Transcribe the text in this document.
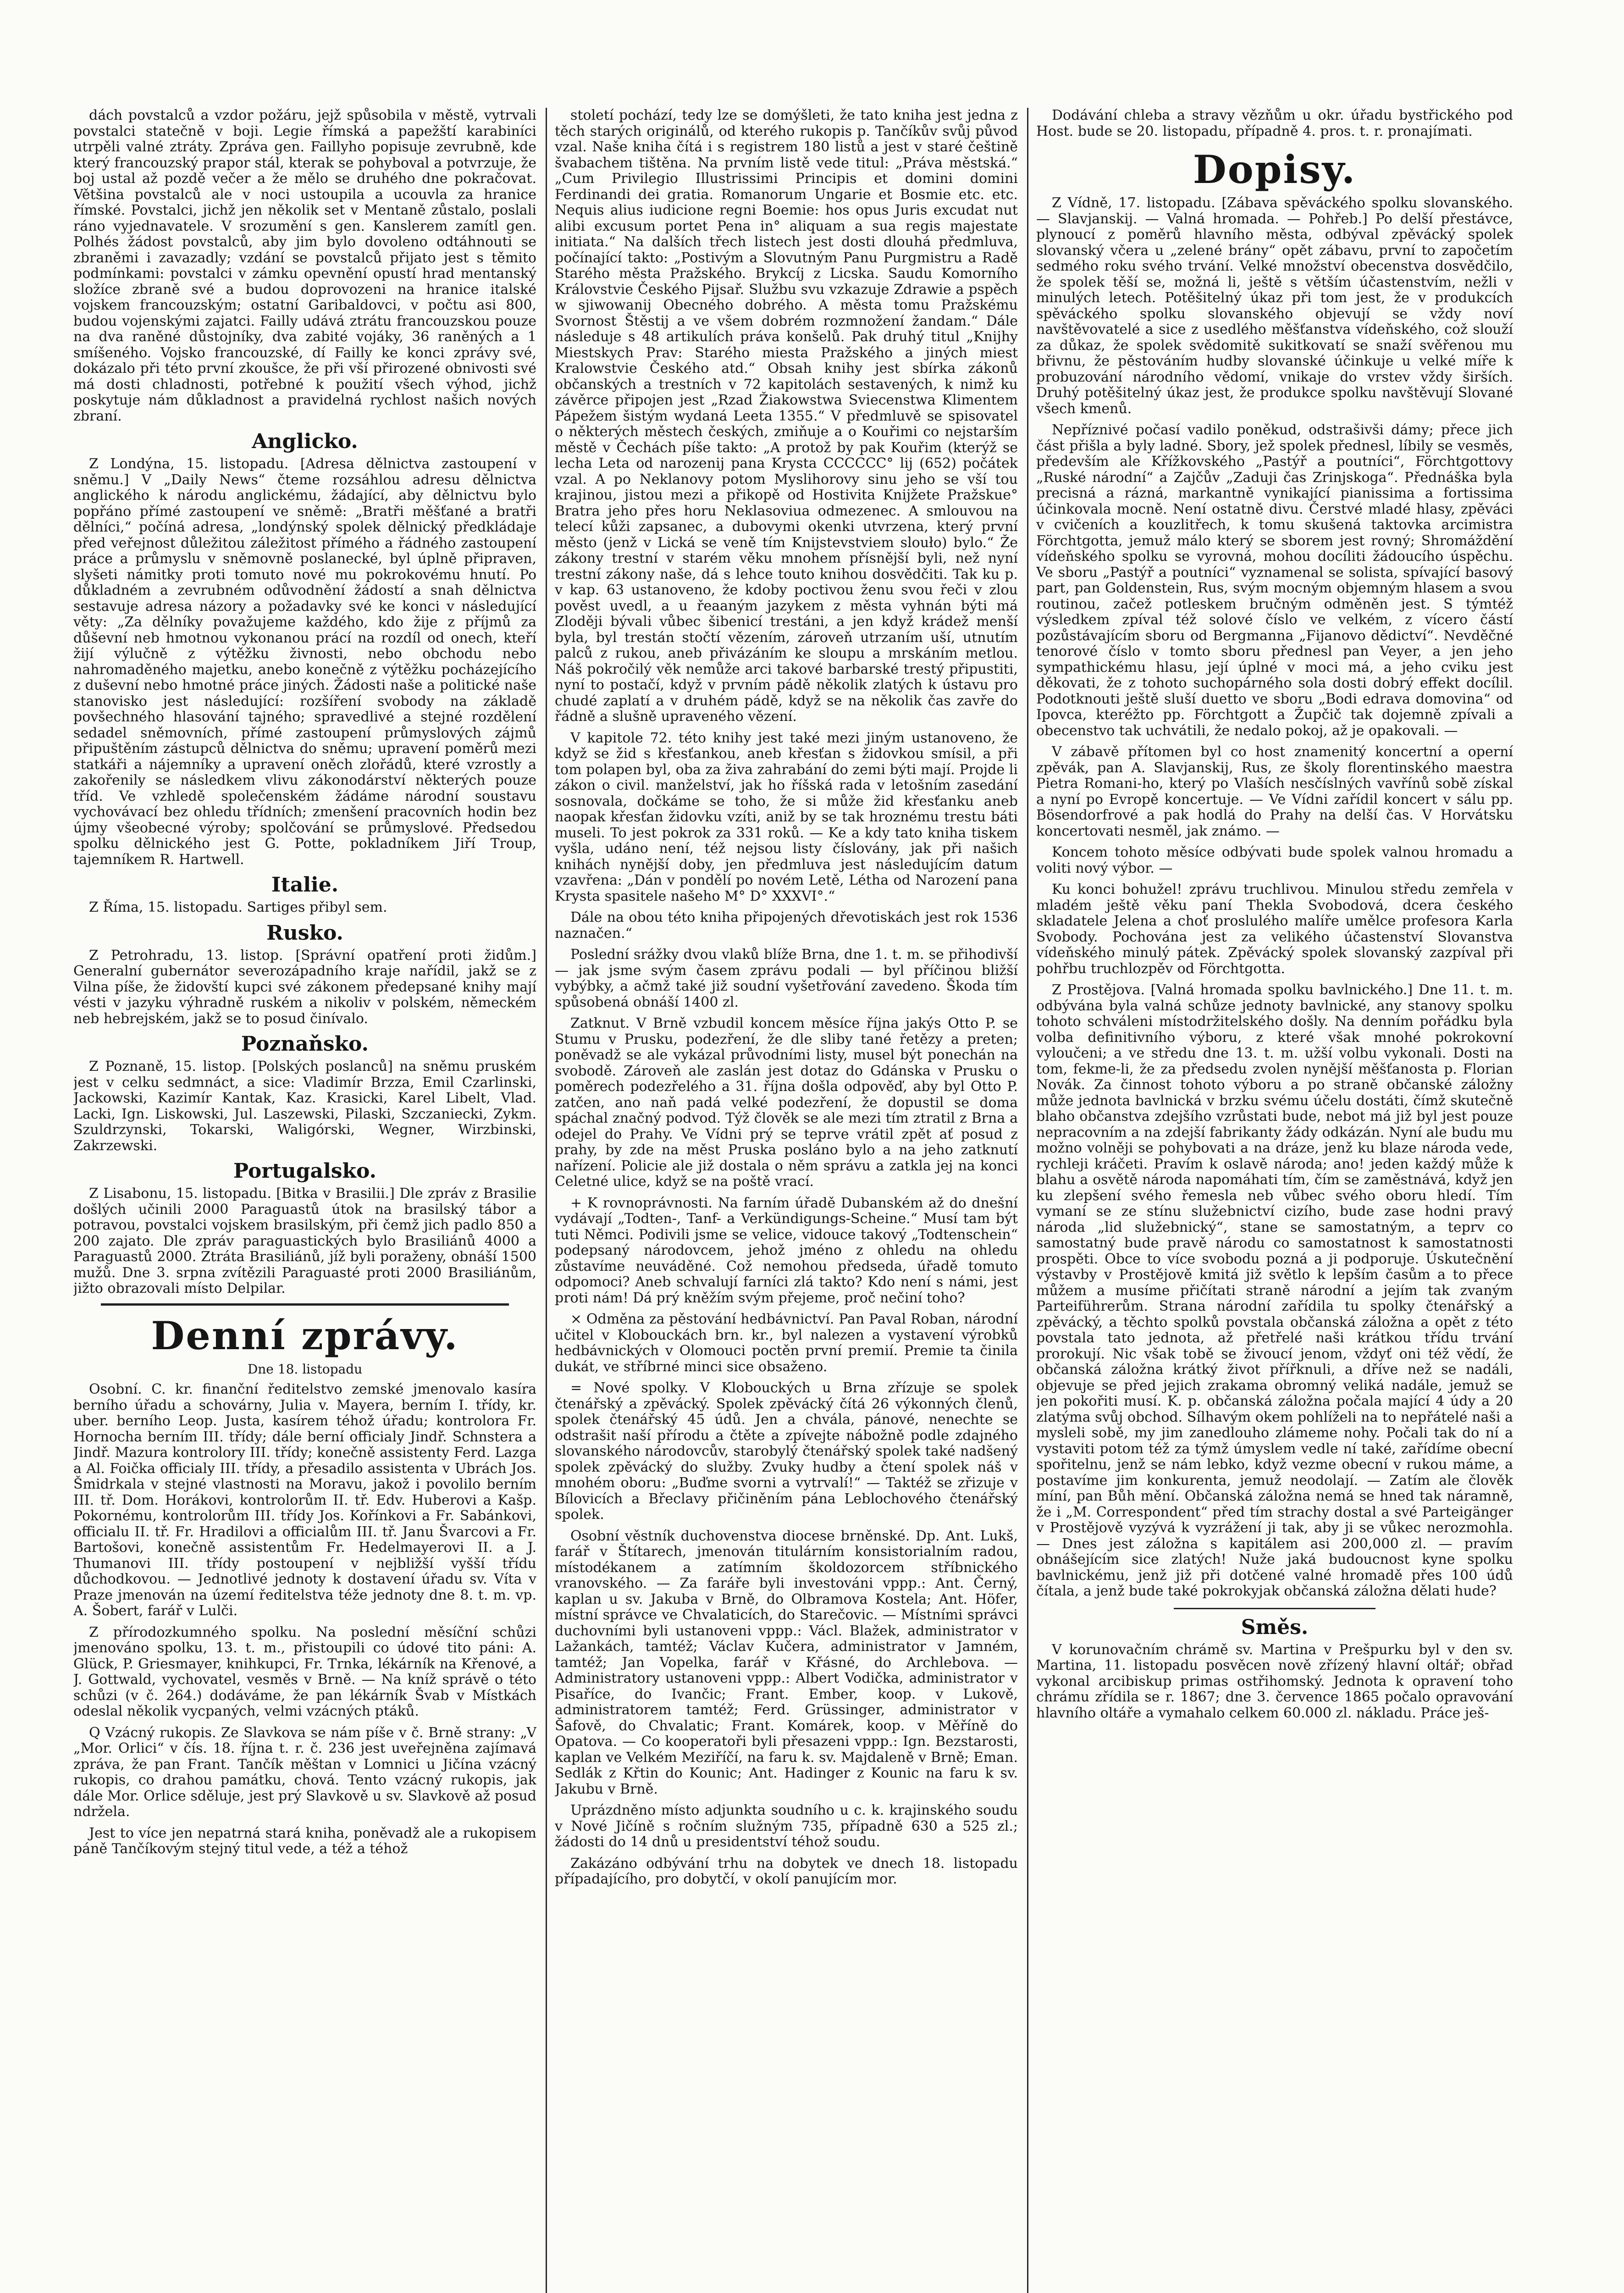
dách povstalců a vzdor požáru, jejž spůsobila v městě, vytrvali povstalci statečně v boji. Legie římská a papežští karabiníci utrpěli valné ztráty. Zpráva gen. Faillyho popisuje zevrubně, kde který francouzský prapor stál, kterak se pohyboval a potvrzuje, že boj ustal až pozdě večer a že mělo se druhého dne pokračovat. Většina povstalců ale v noci ustoupila a ucouvla za hranice římské. Povstalci, jichž jen několik set v Mentaně zůstalo, poslali ráno vyjednavatele. V srozumění s gen. Kanslerem zamítl gen. Polhés žádost povstalců, aby jim bylo dovoleno odtáhnouti se zbraněmi i zavazadly; vzdání se povstalců přijato jest s těmito podmínkami: povstalci v zámku opevnění opustí hrad mentanský složíce zbraně své a budou doprovozeni na hranice italské vojskem francouzským; ostatní Garibaldovci, v počtu asi 800, budou vojenskými zajatci. Failly udává ztrátu francouzskou pouze na dva raněné důstojníky, dva zabité vojáky, 36 raněných a 1 smíšeného. Vojsko francouzské, dí Failly ke konci zprávy své, dokázalo při této první zkoušce, že při vší přirozené obnivosti své má dosti chladnosti, potřebné k použití všech výhod, jichž poskytuje nám důkladnost a pravidelná rychlost našich nových zbraní.

Anglicko.

Z Londýna, 15. listopadu. [Adresa dělnictva zastoupení v sněmu.] V „Daily News“ čteme rozsáhlou adresu dělnictva anglického k národu anglickému, žádající, aby dělnictvu bylo popřáno přímé zastoupení ve sněmě: „Bratři měšťané a bratři dělníci,“ počíná adresa, „londýnský spolek dělnický předkládaje před veřejnost důležitou záležitost přímého a řádného zastoupení práce a průmyslu v sněmovně poslanecké, byl úplně připraven, slyšeti námitky proti tomuto nové mu pokrokovému hnutí. Po důkladném a zevrubném odůvodnění žádostí a snah dělnictva sestavuje adresa názory a požadavky své ke konci v následující věty: „Za dělníky považujeme každého, kdo žije z příjmů za důševní neb hmotnou vykonanou prácí na rozdíl od onech, kteří žijí výlučně z výtěžku živnosti, nebo obchodu nebo nahromaděného majetku, anebo konečně z výtěžku pocházejícího z duševní nebo hmotné práce jiných. Žádosti naše a politické naše stanovisko jest následující: rozšíření svobody na základě povšechného hlasování tajného; spravedlivé a stejné rozdělení sedadel sněmovních, přímé zastoupení průmyslových zájmů připuštěním zástupců dělnictva do sněmu; upravení poměrů mezi statkáři a nájemníky a upravení oněch zlořádů, které vzrostly a zakořenily se následkem vlivu zákonodárství některých pouze tříd. Ve vzhledě společenském žádáme národní soustavu vychovávací bez ohledu třídních; zmenšení pracovních hodin bez újmy všeobecné výroby; spolčování se průmyslové. Předsedou spolku dělnického jest G. Potte, pokladníkem Jiří Troup, tajemníkem R. Hartwell.

Italie.

Z Říma, 15. listopadu. Sartiges přibyl sem.

Rusko.

Z Petrohradu, 13. listop. [Správní opatření proti židům.] Generalní gubernátor severozápadního kraje nařídil, jakž se z Vilna píše, že židovští kupci své zákonem předepsané knihy mají vésti v jazyku výhradně ruském a nikoliv v polském, německém neb hebrejském, jakž se to posud činívalo.

Poznaňsko.

Z Poznaně, 15. listop. [Polských poslanců] na sněmu pruském jest v celku sedmnáct, a sice: Vladimír Brzza, Emil Czarlinski, Jackowski, Kazimír Kantak, Kaz. Krasicki, Karel Libelt, Vlad. Lacki, Ign. Liskowski, Jul. Laszewski, Pilaski, Szczaniecki, Zykm. Szuldrzynski, Tokarski, Waligórski, Wegner, Wirzbinski, Zakrzewski.

Portugalsko.

Z Lisabonu, 15. listopadu. [Bitka v Brasilii.] Dle zpráv z Brasilie došlých učinili 2000 Paraguastů útok na brasilský tábor a potravou, povstalci vojskem brasilským, při čemž jich padlo 850 a 200 zajato. Dle zpráv paraguastických bylo Brasiliánů 4000 a Paraguastů 2000. Ztráta Brasiliánů, jíž byli poraženy, obnáší 1500 mužů. Dne 3. srpna zvítězili Paraguasté proti 2000 Brasiliánům, jižto obrazovali místo Delpilar.

Denní zprávy.

Dne 18. listopadu

Osobní. C. kr. finanční ředitelstvo zemské jmenovalo kasíra berního úřadu a schovárny, Julia v. Mayera, berním I. třídy, kr. uber. berního Leop. Justa, kasírem téhož úřadu; kontrolora Fr. Hornocha berním III. třídy; dále berní officialy Jindř. Schnstera a Jindř. Mazura kontrolory III. třídy; konečně assistenty Ferd. Lazga a Al. Foička officialy III. třídy, a přesadilo assistenta v Ubrách Jos. Šmidrkala v stejné vlastnosti na Moravu, jakož i povolilo berním III. tř. Dom. Horákovi, kontrolorům II. tř. Edv. Huberovi a Kašp. Pokornému, kontrolorům III. třídy Jos. Kořínkovi a Fr. Sabánkovi, officialu II. tř. Fr. Hradilovi a officialům III. tř. Janu Švarcovi a Fr. Bartošovi, konečně assistentům Fr. Hedelmayerovi II. a J. Thumanovi III. třídy postoupení v nejbližší vyšší třídu důchodkovou. — Jednotlivé jednoty k dostavení úřadu sv. Víta v Praze jmenován na území ředitelstva téže jednoty dne 8. t. m. vp. A. Šobert, farář v Lulči.

Z přírodozkumného spolku. Na poslední měsíční schůzi jmenováno spolku, 13. t. m., přistoupili co údové tito páni: A. Glück, P. Griesmayer, knihkupci, Fr. Trnka, lékárník na Křenové, a J. Gottwald, vychovatel, vesměs v Brně. — Na kníž správě o této schůzi (v č. 264.) dodáváme, že pan lékárník Švab v Místkách odeslal několik vycpaných, velmi vzácných ptáků.

Q Vzácný rukopis. Ze Slavkova se nám píše v č. Brně strany: „V „Mor. Orlici“ v čís. 18. října t. r. č. 236 jest uveřejněna zajímavá zpráva, že pan Frant. Tančík měštan v Lomnici u Jičína vzácný rukopis, co drahou památku, chová. Tento vzácný rukopis, jak dále Mor. Orlice sděluje, jest prý Slavkově u sv. Slavkově až posud ndržela.

Jest to více jen nepatrná stará kniha, poněvadž ale a rukopisem páně Tančíkovým stejný titul vede, a též a téhož

století pochází, tedy lze se domýšleti, že tato kniha jest jedna z těch starých originálů, od kterého rukopis p. Tančíkův svůj původ vzal. Naše kniha čítá i s registrem 180 listů a jest v staré češtině švabachem tištěna. Na prvním listě vede titul: „Práva městská.“ „Cum Privilegio Illustrissimi Principis et domini domini Ferdinandi dei gratia. Romanorum Ungarie et Bosmie etc. etc. Nequis alius iudicione regni Boemie: hos opus Juris excudat nut alibi excusum portet Pena in° aliquam a sua regis majestate initiata.“ Na dalších třech listech jest dosti dlouhá předmluva, počínající takto: „Postivým a Slovutným Panu Purgmistru a Radě Starého města Pražského. Brykcíj z Licska. Saudu Komorního Královstvie Českého Pijsař. Službu svu vzkazuje Zdrawie a pspěch w sjiwowanij Obecného dobrého. A města tomu Pražskému Svornost Štěstij a ve všem dobrém rozmnožení žandam.“ Dále následuje s 48 artikulích práva konšelů. Pak druhý titul „Knijhy Miestskych Prav: Starého miesta Pražského a jiných miest Kralowstvie Českého atd.“ Obsah knihy jest sbírka zákonů občanských a trestních v 72 kapitolách sestavených, k nimž ku závěrce připojen jest „Rzad Žiakowstwa Sviecenstwa Klimentem Pápežem šistým wydaná Leeta 1355.“ V předmluvě se spisovatel o některých městech českých, zmiňuje a o Kouřimi co nejstarším městě v Čechách píše takto: „A protož by pak Kouřim (kterýž se lecha Leta od narozenij pana Krysta CCCCCC° lij (652) počátek vzal. A po Neklanovy potom Myslihorovy sinu jeho se vší tou krajinou, jistou mezi a přikopě od Hostivita Knijžete Pražskue° Bratra jeho přes horu Neklasoviua odmezenec. A smlouvou na telecí kůži zapsanec, a dubovymi okenki utvrzena, který první město (jenž v Lická se veně tím Knijstevstviem slouło) bylo.“ Že zákony trestní v starém věku mnohem přísnější byli, než nyní trestní zákony naše, dá s lehce touto knihou dosvědčiti. Tak ku p. v kap. 63 ustanoveno, že kdoby poctivou ženu svou řeči v zlou pověst uvedl, a u řeaaným jazykem z města vyhnán býti má Zloději bývali vůbec šibenicí trestáni, a jen když krádež menší byla, byl trestán stočtí vězením, zároveň utrzaním uší, utnutím palců z rukou, aneb přivázáním ke sloupu a mrskáním metlou. Náš pokročilý věk nemůže arci takové barbarské trestý připustiti, nyní to postačí, když v prvním pádě několik zlatých k ústavu pro chudé zaplatí a v druhém pádě, když se na několik čas zavře do řádně a slušně upraveného vězení.

V kapitole 72. této knihy jest také mezi jiným ustanoveno, že když se žid s křesťankou, aneb křesťan s židovkou smísil, a při tom polapen byl, oba za živa zahrabání do zemi býti mají. Projde li zákon o civil. manželství, jak ho říšská rada v letošním zasedání sosnovala, dočkáme se toho, že si může žid křesťanku aneb naopak křesťan židovku vzíti, aniž by se tak hroznému trestu báti museli. To jest pokrok za 331 roků. — Ke a kdy tato kniha tiskem vyšla, udáno není, též nejsou listy číslovány, jak při našich knihách nynější doby, jen předmluva jest následujícím datum vzavřena: „Dán v pondělí po novém Letě, Létha od Narození pana Krysta spasitele našeho M° D° XXXVI°.“

Dále na obou této kniha připojených dřevotiskách jest rok 1536 naznačen.“

Poslední srážky dvou vlaků blíže Brna, dne 1. t. m. se přihodivší — jak jsme svým časem zprávu podali — byl příčinou bližší vybýbky, a ačmž také již soudní vyšetřování zavedeno. Škoda tím spůsobená obnáší 1400 zl.

Zatknut. V Brně vzbudil koncem měsíce října jakýs Otto P. se Stumu v Prusku, podezření, že dle sliby tané řetězy a preten; poněvadž se ale vykázal průvodními listy, musel být ponechán na svobodě. Zároveň ale zaslán jest dotaz do Gdánska v Prusku o poměrech podezřelého a 31. října došla odpověď, aby byl Otto P. zatčen, ano naň padá velké podezření, že dopustil se doma spáchal značný podvod. Týž člověk se ale mezi tím ztratil z Brna a odejel do Prahy. Ve Vídni prý se teprve vrátil zpět ať posud z prahy, by zde na měst Pruska posláno bylo a na jeho zatknutí nařízení. Policie ale již dostala o něm správu a zatkla jej na konci Celetné ulice, když se na poště vrací.

+ K rovnoprávnosti. Na farním úřadě Dubanském až do dnešní vydávají „Todten-, Tanf- a Verkündigungs-Scheine.“ Musí tam být tuti Němci. Podivili jsme se velice, vidouce takový „Todtenschein“ podepsaný národovcem, jehož jméno z ohledu na ohledu zůstavíme neuváděné. Což nemohou předseda, úřadě tomuto odpomoci? Aneb schvalují farníci zlá takto? Kdo není s námi, jest proti nám! Dá prý kněžím svým přejeme, proč nečiní toho?

× Odměna za pěstování hedbávnictví. Pan Paval Roban, národní učitel v Klobouckách brn. kr., byl nalezen a vystavení výrobků hedbávnických v Olomouci poctěn první premií. Premie ta činila dukát, ve stříbrné minci sice obsaženo.

= Nové spolky. V Klobouckých u Brna zřízuje se spolek čtenářský a zpěvácký. Spolek zpěvácký čítá 26 výkonných členů, spolek čtenářský 45 údů. Jen a chvála, pánové, nenechte se odstrašit naší přírodu a čtěte a zpívejte nábožně podle zdajného slovanského národovcův, starobylý čtenářský spolek také nadšený spolek zpěvácký do služby. Zvuky hudby a čtení spolek náš v mnohém oboru: „Buďme svorni a vytrvalí!“ — Taktéž se zřizuje v Bílovicích a Břeclavy přičiněním pána Leblochového čtenářský spolek.

Osobní věstník duchovenstva diocese brněnské. Dp. Ant. Lukš, farář v Štítarech, jmenován titulárním konsistorialním radou, místodékanem a zatímním školdozorcem stříbnického vranovského. — Za faráře byli investováni vppp.: Ant. Černý, kaplan u sv. Jakuba v Brně, do Olbramova Kostela; Ant. Höfer, místní správce ve Chvalaticích, do Starečovic. — Místními správci duchovními byli ustanoveni vppp.: Václ. Blažek, administrator v Lažankách, tamtéž; Václav Kučera, administrator v Jamném, tamtéž; Jan Vopelka, farář v Křásné, do Archlebova. — Administratory ustanoveni vppp.: Albert Vodička, administrator v Pisaříce, do Ivančic; Frant. Ember, koop. v Lukově, administratorem tamtéž; Ferd. Grüssinger, administrator v Šafově, do Chvalatic; Frant. Komárek, koop. v Měříně do Opatova. — Co kooperatoři byli přesazeni vppp.: Ign. Bezstarosti, kaplan ve Velkém Meziříčí, na faru k. sv. Majdaleně v Brně; Eman. Sedlák z Křtin do Kounic; Ant. Hadinger z Kounic na faru k sv. Jakubu v Brně.

Uprázdněno místo adjunkta soudního u c. k. krajinského soudu v Nové Jičíně s ročním služným 735, případně 630 a 525 zl.; žádosti do 14 dnů u presidentství téhož soudu.

Zakázáno odbývání trhu na dobytek ve dnech 18. listopadu případajícího, pro dobytčí, v okolí panujícím mor.

Dodávání chleba a stravy vězňům u okr. úřadu bystřického pod Host. bude se 20. listopadu, případně 4. pros. t. r. pronajímati.

Dopisy.

Z Vídně, 17. listopadu. [Zábava spěváckého spolku slovanského. — Slavjanskij. — Valná hromada. — Pohřeb.] Po delší přestávce, plynoucí z poměrů hlavního města, odbýval zpěvácký spolek slovanský včera u „zelené brány“ opět zábavu, první to započetím sedmého roku svého trvání. Velké množství obecenstva dosvědčilo, že spolek těší se, možná li, ještě s větším účastenstvím, nežli v minulých letech. Potěšitelný úkaz při tom jest, že v produkcích spěváckého spolku slovanského objevují se vždy noví navštěvovatelé a sice z usedlého měšťanstva vídeňského, což slouží za důkaz, že spolek svědomitě sukitkovatí se snaží svěřenou mu břivnu, že pěstováním hudby slovanské účinkuje u velké míře k probuzování národního vědomí, vnikaje do vrstev vždy širších. Druhý potěšitelný úkaz jest, že produkce spolku navštěvují Slované všech kmenů.

Nepříznivé počasí vadilo poněkud, odstrašivši dámy; přece jich část přišla a byly ladné. Sbory, jež spolek přednesl, líbily se vesměs, především ale Křížkovského „Pastýř a poutníci“, Förchtgottovy „Ruské národní“ a Zajčův „Zaduji čas Zrinjskoga“. Přednáška byla precisná a rázná, markantně vynikající pianissima a fortissima účinkovala mocně. Není ostatně divu. Čerstvé mladé hlasy, zpěváci v cvičeních a kouzlitřech, k tomu skušená taktovka arcimistra Förchtgotta, jemuž málo který se sborem jest rovný; Shromáždění vídeňského spolku se vyrovná, mohou docíliti žádoucího úspěchu. Ve sboru „Pastýř a poutníci“ vyznamenal se solista, spívající basový part, pan Goldenstein, Rus, svým mocným objemným hlasem a svou routinou, začež potleskem bručným odměněn jest. S týmtéž výsledkem zpíval též solové číslo ve velkém, z vícero částí pozůstávajícím sboru od Bergmanna „Fijanovo dědictví“. Nevděčné tenorové číslo v tomto sboru přednesl pan Veyer, a jen jeho sympathickému hlasu, její úplné v moci má, a jeho cviku jest děkovati, že z tohoto suchopárného sola dosti dobrý effekt docílil. Podotknouti ještě sluší duetto ve sboru „Bodi edrava domovina“ od Ipovca, kteréžto pp. Förchtgott a Župčič tak dojemně zpívali a obecenstvo tak uchvátili, že nedalo pokoj, až je opakovali. —

V zábavě přítomen byl co host znamenitý koncertní a operní zpěvák, pan A. Slavjanskij, Rus, ze školy florentinského maestra Pietra Romani-ho, který po Vlaších nesčíslných vavřínů sobě získal a nyní po Evropě koncertuje. — Ve Vídni zařídil koncert v sálu pp. Bösendorfrové a pak hodlá do Prahy na delší čas. V Horvátsku koncertovati nesměl, jak známo. —

Koncem tohoto měsíce odbývati bude spolek valnou hromadu a voliti nový výbor. —

Ku konci bohužel! zprávu truchlivou. Minulou středu zemřela v mladém ještě věku paní Thekla Svobodová, dcera českého skladatele Jelena a choť proslulého malíře umělce profesora Karla Svobody. Pochována jest za velikého účastenství Slovanstva vídeňského minulý pátek. Zpěvácký spolek slovanský zazpíval při pohřbu truchlozpěv od Förchtgotta.

Z Prostějova. [Valná hromada spolku bavlnického.] Dne 11. t. m. odbývána byla valná schůze jednoty bavlnické, any stanovy spolku tohoto schváleni místodržitelského došly. Na denním pořádku byla volba definitivního výboru, z které však mnohé pokrokovní vyloučeni; a ve středu dne 13. t. m. užší volbu vykonali. Dosti na tom, fekme-li, že za předsedu zvolen nynější měšťanosta p. Florian Novák. Za činnost tohoto výboru a po straně občanské záložny může jednota bavlnická v brzku svému účelu dostáti, čímž skutečně blaho občanstva zdejšího vzrůstati bude, nebot má již byl jest pouze nepracovním a na zdejší fabrikanty žády odkázán. Nyní ale budu mu možno volněji se pohybovati a na dráze, jenž ku blaze národa vede, rychleji kráčeti. Pravím k oslavě národa; ano! jeden každý může k blahu a osvětě národa napomáhati tím, čím se zaměstnává, když jen ku zlepšení svého řemesla neb vůbec svého oboru hledí. Tím vymaní se ze stínu služebnictví cizího, bude zase hodni pravý národa „lid služebnický“, stane se samostatným, a teprv co samostatný bude pravě národu co samostatnost k samostatnosti prospěti. Obce to více svobodu pozná a ji podporuje. Úskutečnění výstavby v Prostějově kmitá již světlo k lepším časům a to přece můžem a musíme přičítati straně národní a jejím tak zvaným Parteiführerům. Strana národní zařídila tu spolky čtenářský a zpěvácký, a těchto spolků povstala občanská záložna a opět z této povstala tato jednota, až přetřelé naši krátkou třídu trvání prorokují. Nic však tobě se živoucí jenom, vždyť oni též vědí, že občanská záložna krátký život přířknuli, a dříve než se nadáli, objevuje se před jejich zrakama obromný veliká nadále, jemuž se jen pokořiti musí. K. p. občanská záložna počala mající 4 údy a 20 zlatýma svůj obchod. Sílhavým okem pohlíželi na to nepřátelé naši a mysleli sobě, my jim zanedlouho zlámeme nohy. Počali tak do ní a vystaviti potom též za týmž úmyslem vedle ní také, zařídíme obecní spořitelnu, jenž se nám lebko, když vezme obecní v rukou máme, a postavíme jim konkurenta, jemuž neodolají. — Zatím ale člověk míní, pan Bůh mění. Občanská záložna nemá se hned tak náramně, že i „M. Correspondent“ před tím strachy dostal a své Parteigänger v Prostějově vyzývá k vyzrážení ji tak, aby ji se vůkec nerozmohla. — Dnes jest záložna s kapitálem asi 200,000 zl. — pravím obnášejícím sice zlatých! Nuže jaká budoucnost kyne spolku bavlnickému, jenž již při dotčené valné hromadě přes 100 údů čítala, a jenž bude také pokrokyjak občanská záložna dělati hude?

Směs.

V korunovačním chrámě sv. Martina v Prešpurku byl v den sv. Martina, 11. listopadu posvěcen nově zřízený hlavní oltář; obřad vykonal arcibiskup primas ostřihomský. Jednota k opravení toho chrámu zřídila se r. 1867; dne 3. července 1865 počalo opravování hlavního oltáře a vymahalo celkem 60.000 zl. nákladu. Práce ješ-
